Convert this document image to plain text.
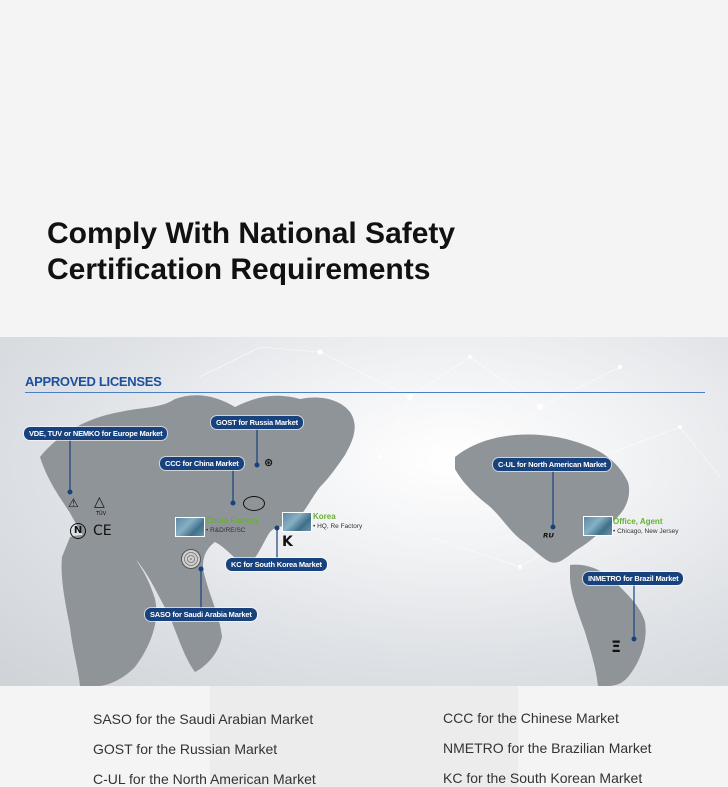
Comply With National Safety
Certification Requirements
APPROVED LICENSES
VDE, TUV or NEMKO for Europe Market
GOST for Russia Market
CCC for China Market	C-UL for North American Market
KC for South Korea Market
SASO for Saudi Arabia Market
INMETRO for Brazil Market
⚠ △
TÜV
N CE
⊛
K	ᴿᵁ
Ξ
China Factory
• R&D/RE/SC
Korea
• HQ, Re Factory
Office, Agent
• Chicago, New Jersey
SASO for the Saudi Arabian Market
GOST for the Russian Market
C-UL for the North American Market
CCC for the Chinese Market
NMETRO for the Brazilian Market
KC for the South Korean Market
